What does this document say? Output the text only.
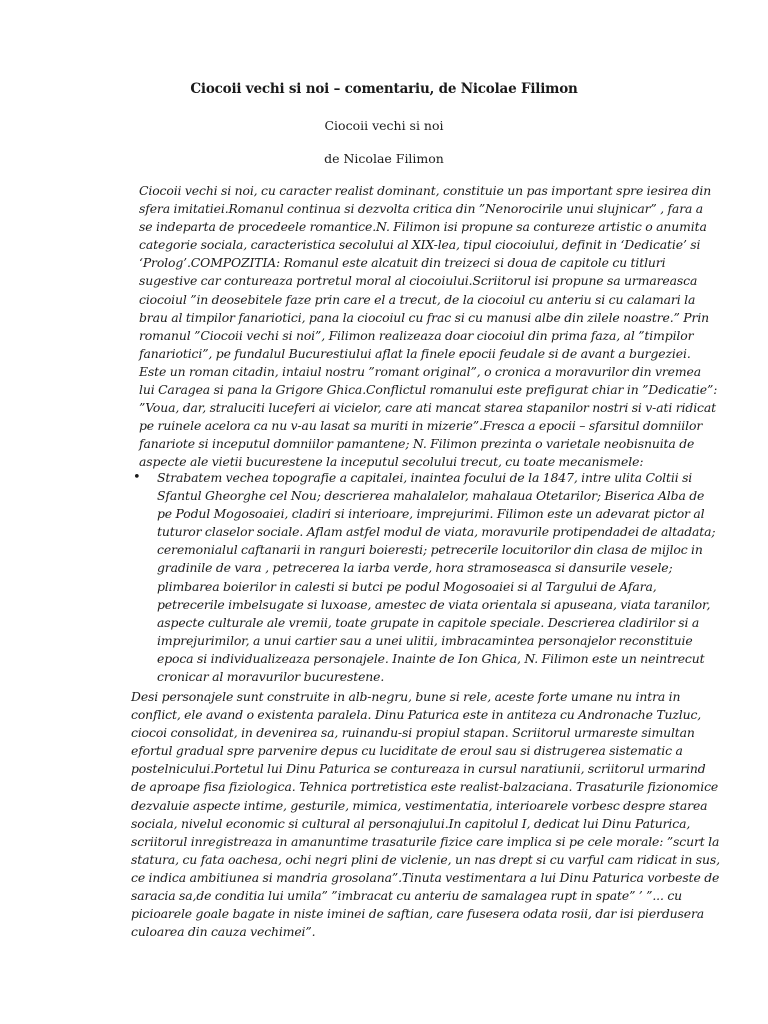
Ciocoii vechi si noi – comentariu, de Nicolae Filimon
Ciocoii vechi si noi
de Nicolae Filimon

Ciocoii vechi si noi, cu caracter realist dominant, constituie un pas important spre iesirea din sfera imitatiei.Romanul continua si dezvolta critica din ”Nenorocirile unui slujnicar” , fara a se indeparta de procedeele romantice.N. Filimon isi propune sa contureze artistic o anumita categorie sociala, caracteristica secolului al XIX-lea, tipul ciocoiului, definit in ‘Dedicatie’ si ‘Prolog’.COMPOZITIA: Romanul este alcatuit din treizeci si doua de capitole cu titluri sugestive car contureaza portretul moral al ciocoiului.Scriitorul isi propune sa urmareasca ciocoiul ”in deosebitele faze prin care el a trecut, de la ciocoiul cu anteriu si cu calamari la brau al timpilor fanariotici, pana la ciocoiul cu frac si cu manusi albe din zilele noastre.” Prin romanul ”Ciocoii vechi si noi”, Filimon realizeaza doar ciocoiul din prima faza, al ”timpilor fanariotici”, pe fundalul Bucurestiului aflat la finele epocii feudale si de avant a burgeziei. Este un roman citadin, intaiul nostru ”romant original”, o cronica a moravurilor din vremea lui Caragea si pana la Grigore Ghica.Conflictul romanului este prefigurat chiar in ”Dedicatie”: ”Voua, dar, straluciti luceferi ai vicielor, care ati mancat starea stapanilor nostri si v-ati ridicat pe ruinele acelora ca nu v-au lasat sa muriti in mizerie”.Fresca a epocii – sfarsitul domniilor fanariote si inceputul domniilor pamantene; N. Filimon prezinta o varietale neobisnuita de aspecte ale vietii bucurestene la inceputul secolului trecut, cu toate mecanismele:

• Strabatem vechea topografie a capitalei, inaintea focului de la 1847, intre ulita Coltii si Sfantul Gheorghe cel Nou; descrierea mahalalelor, mahalaua Otetarilor; Biserica Alba de pe Podul Mogosoaiei, cladiri si interioare, imprejurimi. Filimon este un adevarat pictor al tuturor claselor sociale. Aflam astfel modul de viata, moravurile protipendadei de altadata; ceremonialul caftanarii in ranguri boieresti; petrecerile locuitorilor din clasa de mijloc in gradinile de vara , petrecerea la iarba verde, hora stramoseasca si dansurile vesele; plimbarea boierilor in calesti si butci pe podul Mogosoaiei si al Targului de Afara, petrecerile imbelsugate si luxoase, amestec de viata orientala si apuseana, viata taranilor, aspecte culturale ale vremii, toate grupate in capitole speciale. Descrierea cladirilor si a imprejurimilor, a unui cartier sau a unei ulitii, imbracamintea personajelor reconstituie epoca si individualizeaza personajele. Inainte de Ion Ghica, N. Filimon este un neintrecut cronicar al moravurilor bucurestene.

Desi personajele sunt construite in alb-negru, bune si rele, aceste forte umane nu intra in conflict, ele avand o existenta paralela. Dinu Paturica este in antiteza cu Andronache Tuzluc, ciocoi consolidat, in devenirea sa, ruinandu-si propiul stapan. Scriitorul urmareste simultan efortul gradual spre parvenire depus cu luciditate de eroul sau si distrugerea sistematic a postelnicului.Portetul lui Dinu Paturica se contureaza in cursul naratiunii, scriitorul urmarind de aproape fisa fiziologica. Tehnica portretistica este realist-balzaciana. Trasaturile fizionomice dezvaluie aspecte intime, gesturile, mimica, vestimentatia, interioarele vorbesc despre starea sociala, nivelul economic si cultural al personajului.In capitolul I, dedicat lui Dinu Paturica, scriitorul inregistreaza in amanuntime trasaturile fizice care implica si pe cele morale: ”scurt la statura, cu fata oachesa, ochi negri plini de viclenie, un nas drept si cu varful cam ridicat in sus, ce indica ambitiunea si mandria grosolana”.Tinuta vestimentara a lui Dinu Paturica vorbeste de saracia sa,de conditia lui umila” ”imbracat cu anteriu de samalagea rupt in spate” ’ ”... cu picioarele goale bagate in niste iminei de saftian, care fusesera odata rosii, dar isi pierdusera culoarea din cauza vechimei”.
